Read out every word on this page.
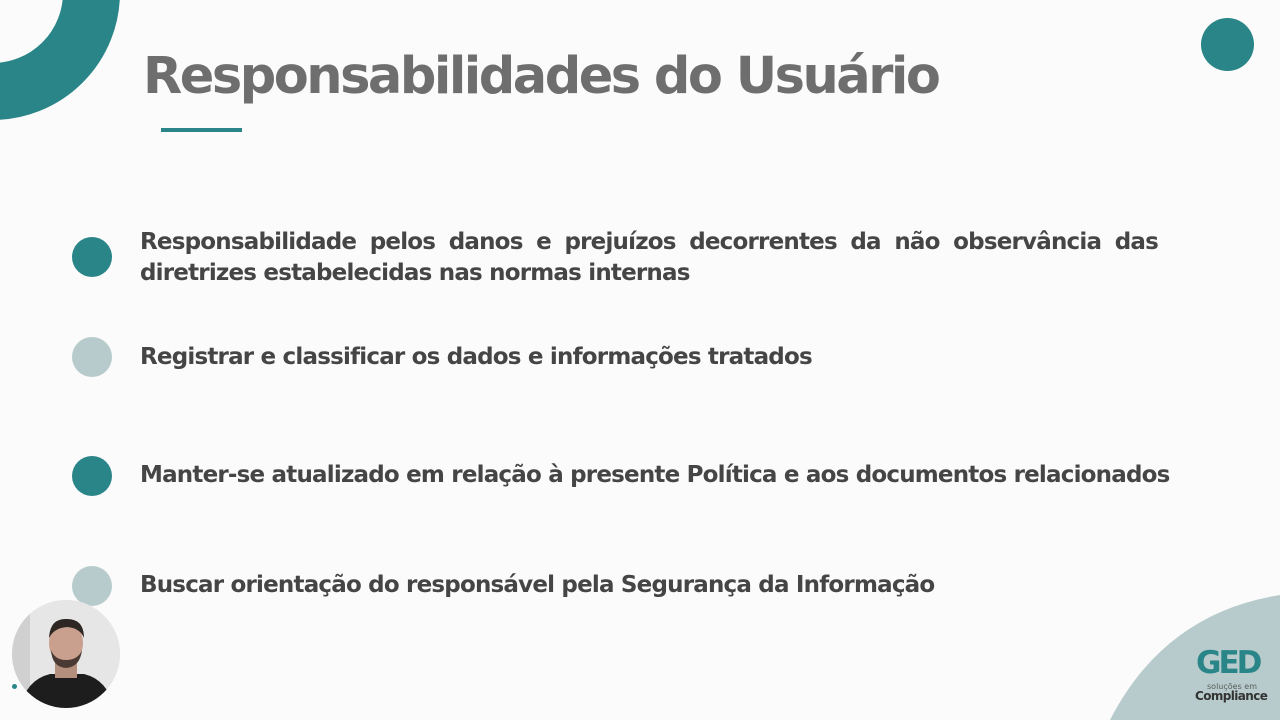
Responsabilidades do Usuário

Responsabilidade pelos danos e prejuízos decorrentes da não observância das diretrizes estabelecidas nas normas internas

Registrar e classificar os dados e informações tratados

Manter-se atualizado em relação à presente Política e aos documentos relacionados

Buscar orientação do responsável pela Segurança da Informação

GED

soluções em

Compliance
